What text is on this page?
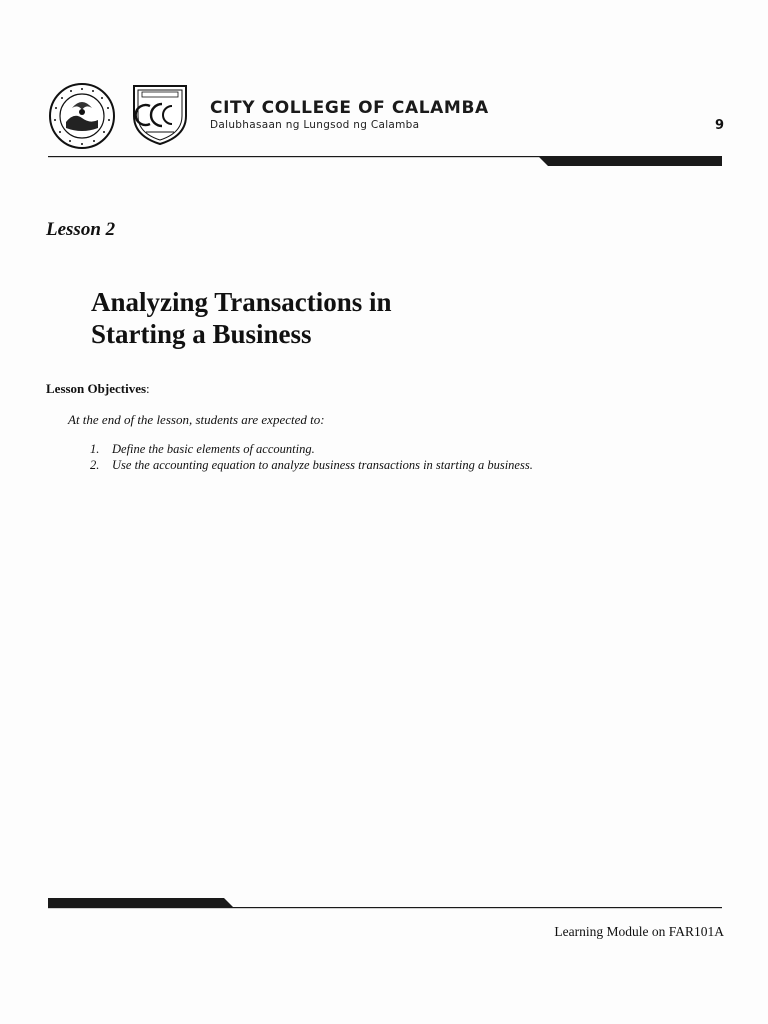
CITY COLLEGE OF CALAMBA
Dalubhasaan ng Lungsod ng Calamba	9
Lesson 2
Analyzing Transactions in
Starting a Business
Lesson Objectives:
At the end of the lesson, students are expected to:
1. Define the basic elements of accounting.
2. Use the accounting equation to analyze business transactions in starting a business.
Learning Module on FAR101A
